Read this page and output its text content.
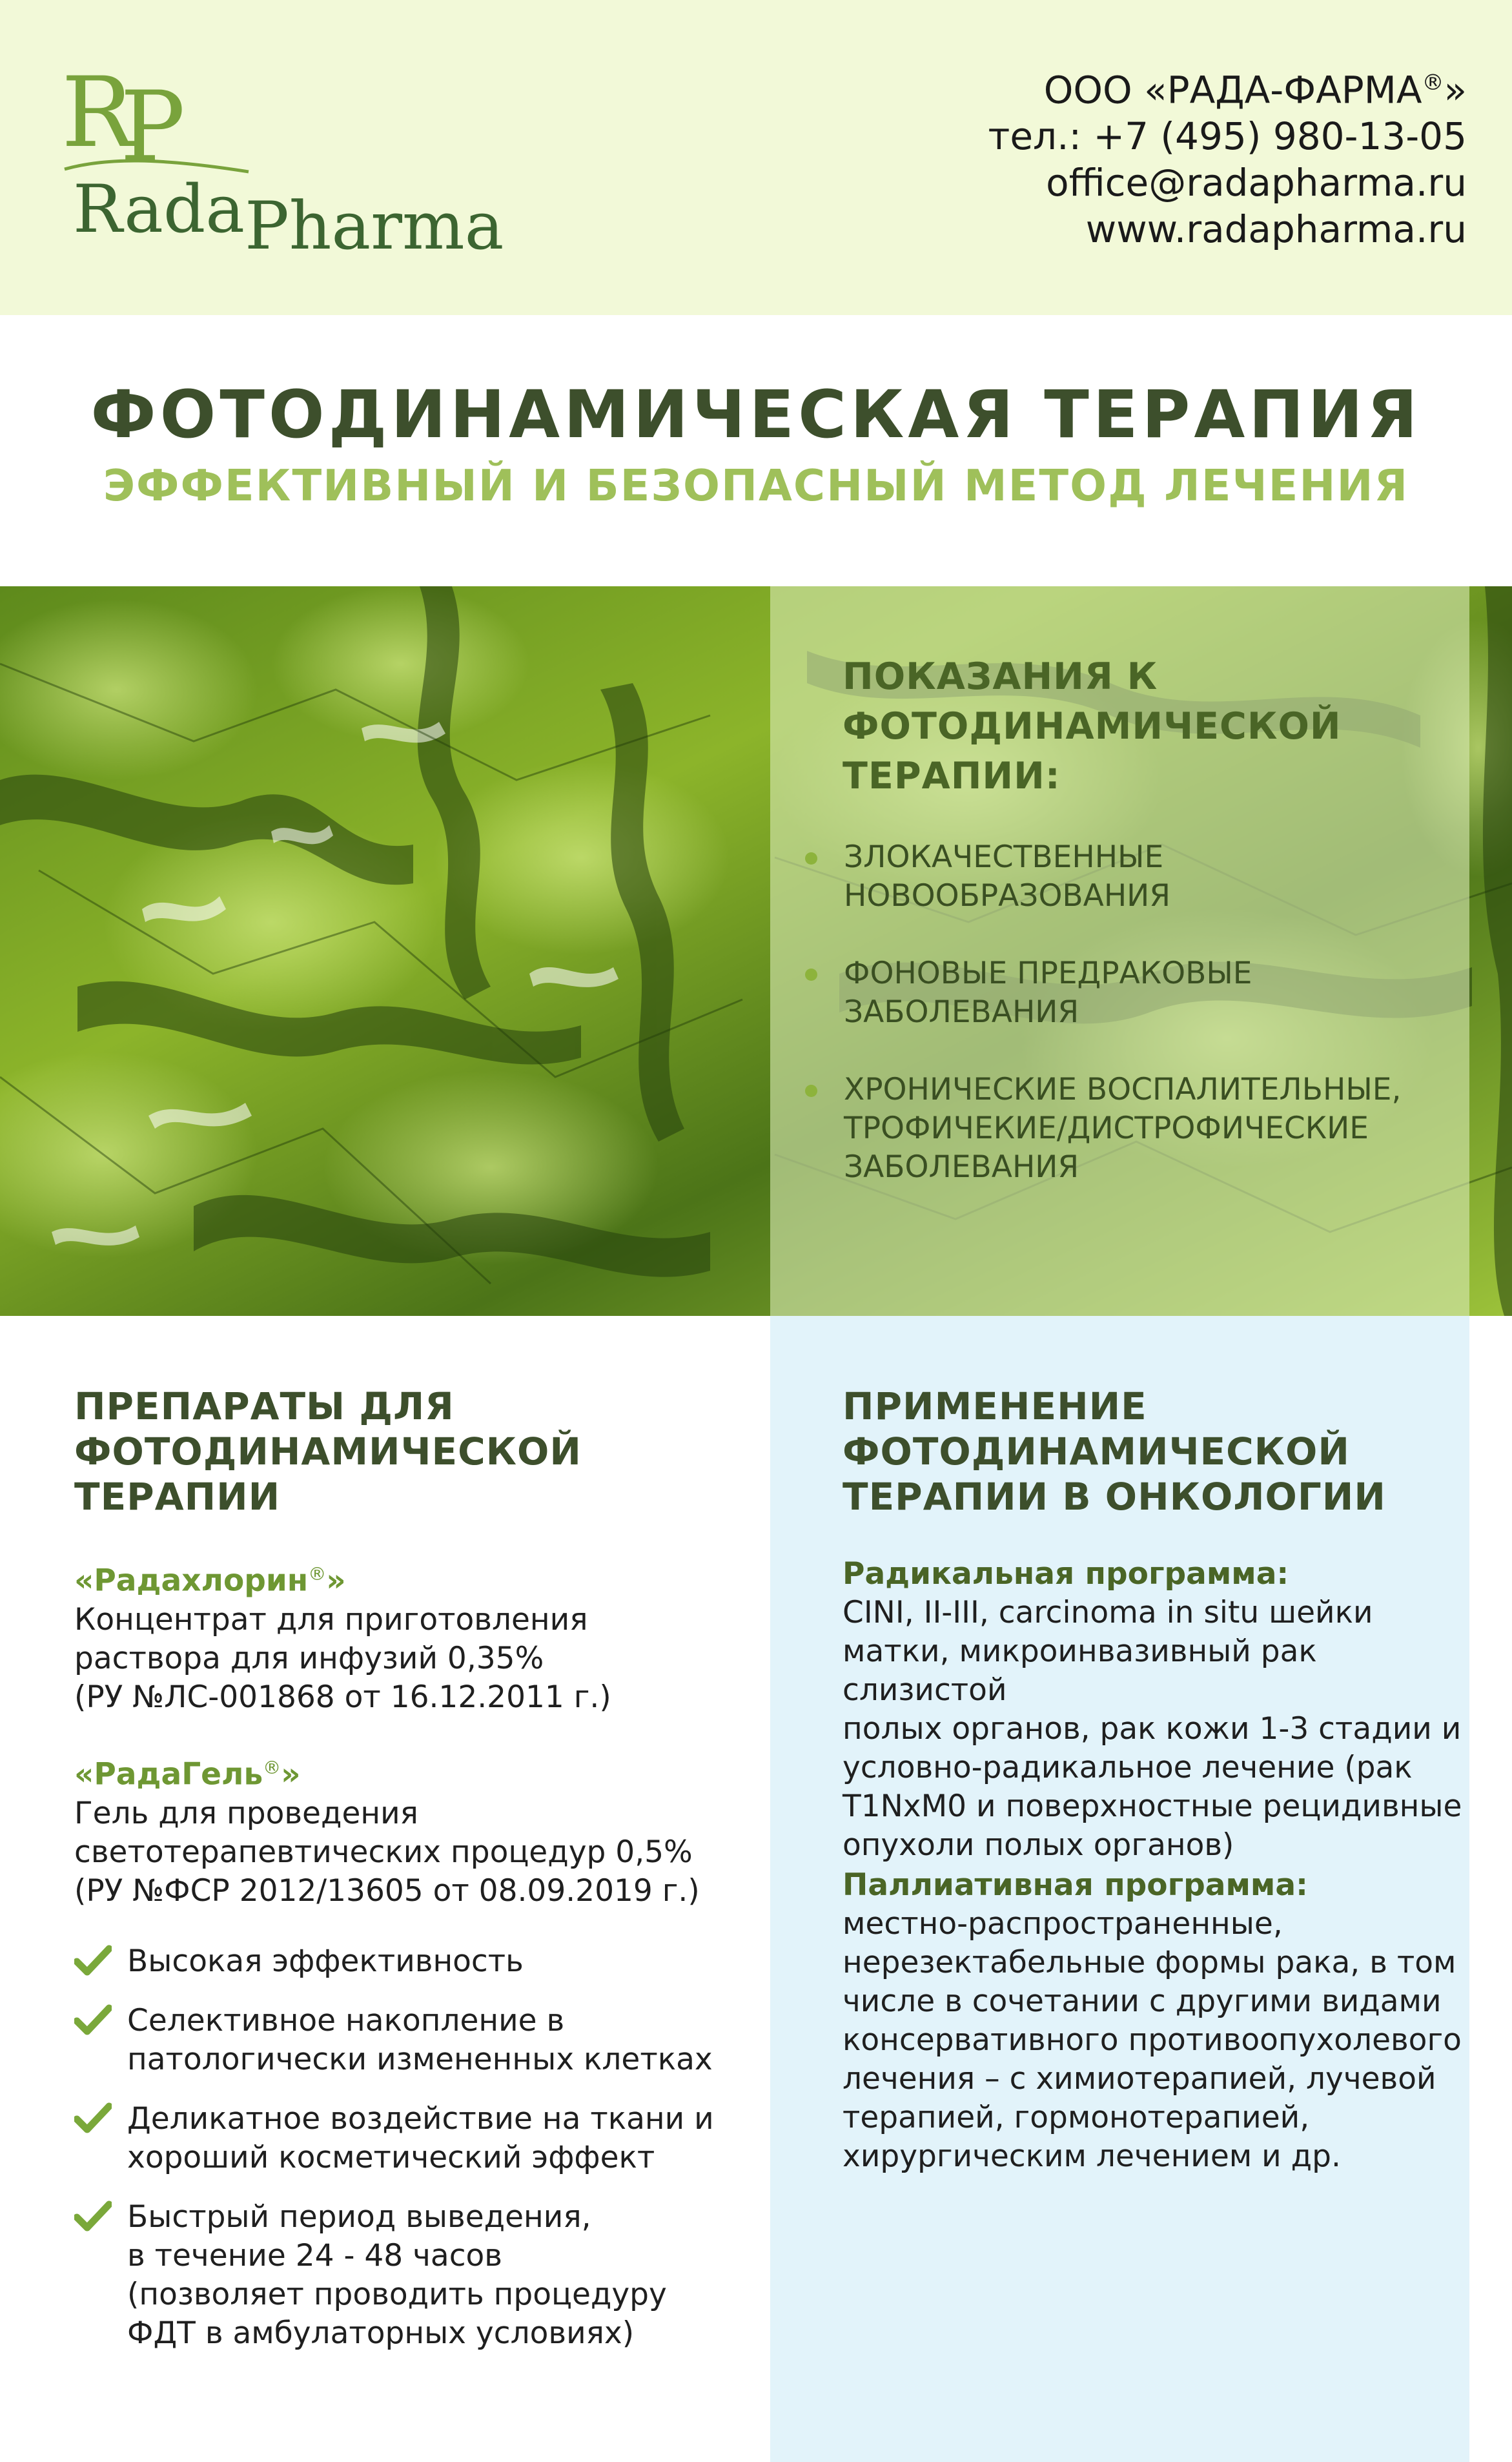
RP
RadaPharma
ООО «РАДА-ФАРМА®»
тел.: +7 (495) 980-13-05
office@radapharma.ru
www.radapharma.ru
ФОТОДИНАМИЧЕСКАЯ ТЕРАПИЯ
ЭФФЕКТИВНЫЙ И БЕЗОПАСНЫЙ МЕТОД ЛЕЧЕНИЯ
ПОКАЗАНИЯ К
ФОТОДИНАМИЧЕСКОЙ
ТЕРАПИИ:
ЗЛОКАЧЕСТВЕННЫЕ
НОВООБРАЗОВАНИЯ
ФОНОВЫЕ ПРЕДРАКОВЫЕ
ЗАБОЛЕВАНИЯ
ХРОНИЧЕСКИЕ ВОСПАЛИТЕЛЬНЫЕ,
ТРОФИЧЕКИЕ/ДИСТРОФИЧЕСКИЕ
ЗАБОЛЕВАНИЯ
ПРЕПАРАТЫ ДЛЯ
ФОТОДИНАМИЧЕСКОЙ
ТЕРАПИИ
«Радахлорин®»
Концентрат для приготовления
раствора для инфузий 0,35%
(РУ №ЛС-001868 от 16.12.2011 г.)
«РадаГель®»
Гель для проведения
светотерапевтических процедур 0,5%
(РУ №ФСР 2012/13605 от 08.09.2019 г.)
Высокая эффективность
Селективное накопление в
патологически измененных клетках
Деликатное воздействие на ткани и
хороший косметический эффект
Быстрый период выведения,
в течение 24 - 48 часов
(позволяет проводить процедуру
ФДТ в амбулаторных условиях)
ПРИМЕНЕНИЕ
ФОТОДИНАМИЧЕСКОЙ
ТЕРАПИИ В ОНКОЛОГИИ
Радикальная программа:
CINI, II-III, carcinoma in situ шейки
матки, микроинвазивный рак слизистой
полых органов, рак кожи 1-3 стадии и
условно-радикальное лечение (рак
T1NxM0 и поверхностные рецидивные
опухоли полых органов)
Паллиативная программа:
местно-распространенные,
нерезектабельные формы рака, в том
числе в сочетании с другими видами
консервативного противоопухолевого
лечения – с химиотерапией, лучевой
терапией, гормонотерапией,
хирургическим лечением и др.
